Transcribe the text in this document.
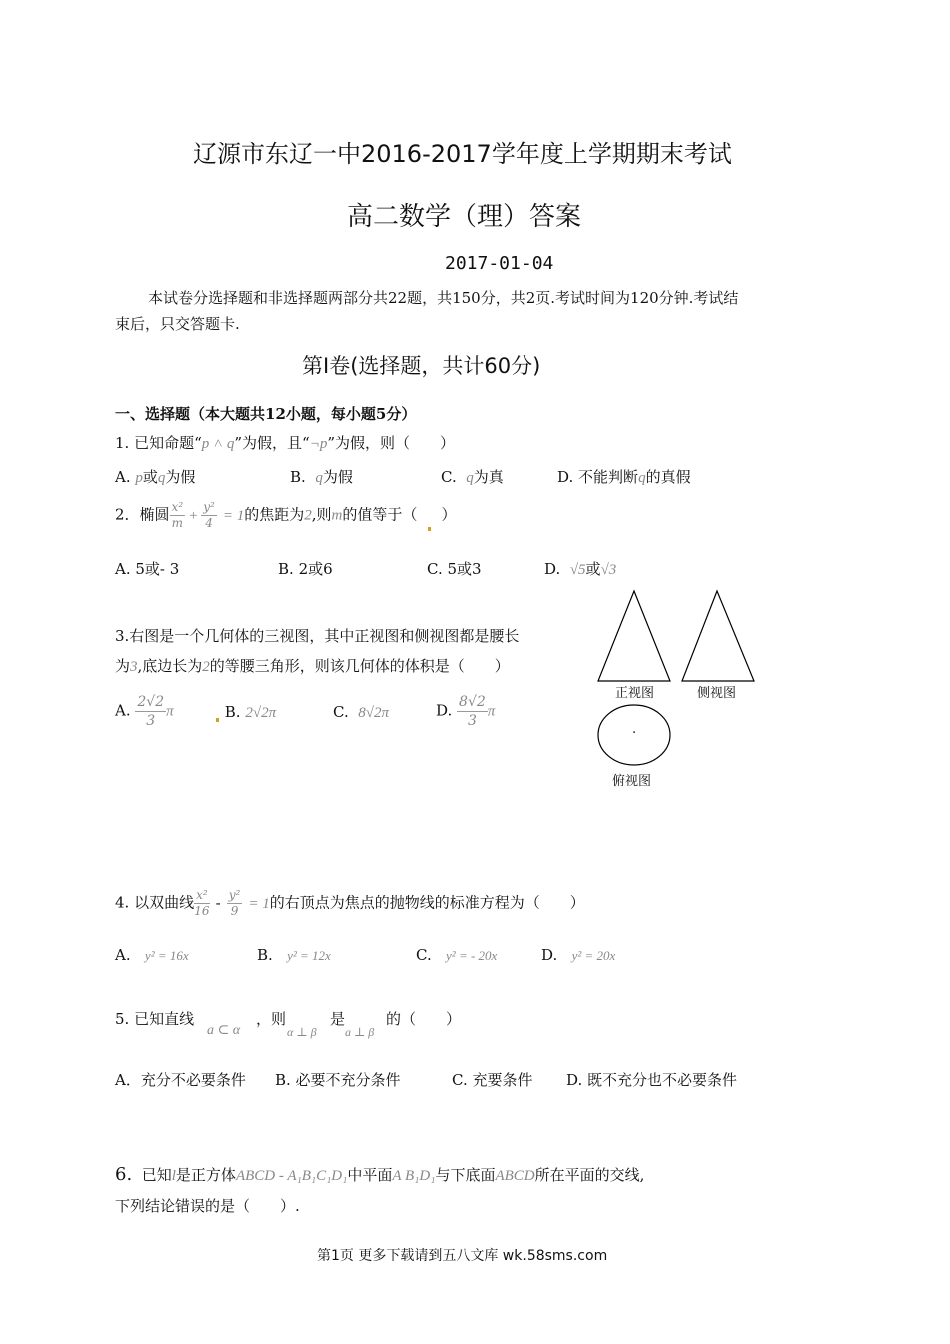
辽源市东辽一中2016-2017学年度上学期期末考试
高二数学（理）答案
2017-01-04
本试卷分选择题和非选择题两部分共22题，共150分，共2页.考试时间为120分钟.考试结
束后，只交答题卡.
第Ⅰ卷(选择题，共计60分)
一、选择题（本大题共12小题，每小题5分）
1. 已知命题“p ˄ q”为假，且“¬p”为假，则（　　）
A. p或q为假	B. q为假	C. q为真	D. 不能判断q的真假
2．椭圆 $\frac{\text{x²}}{m} + \frac{\text{y²}}{4} = 1$的焦距为2,则m的值等于（ ）
A. 5或- 3	B. 2或6	C. 5或3	D. √5或√3
3.右图是一个几何体的三视图，其中正视图和侧视图都是腰长
为3,底边长为2的等腰三角形，则该几何体的体积是（　　）
A. $\frac{2√2}{3}$ π	B. 2√2π	C. 8√2π	D. $\frac{8√2}{3}$ π
正视图	侧视图
.
俯视图
4. 以双曲线 $\frac{\text{x²}}{16} - \frac{\text{y²}}{9} = 1$的右顶点为焦点的抛物线的标准方程为（　　）
A. y² = 16x	B. y² = 12x	C. y² = - 20x	D. y² = 20x
5. 已知直线	，则	是	的（　　）
a ⊂ α	α ⊥ β a ⊥ β
A．充分不必要条件 B. 必要不充分条件	C. 充要条件 D. 既不充分也不必要条件
6. 已知l是正方体ABCD - A₁B₁C₁D₁中平面A B₁D₁与下底面ABCD所在平面的交线,
下列结论错误的是（　　）.
第1页 更多下载请到五八文库 wk.58sms.com
